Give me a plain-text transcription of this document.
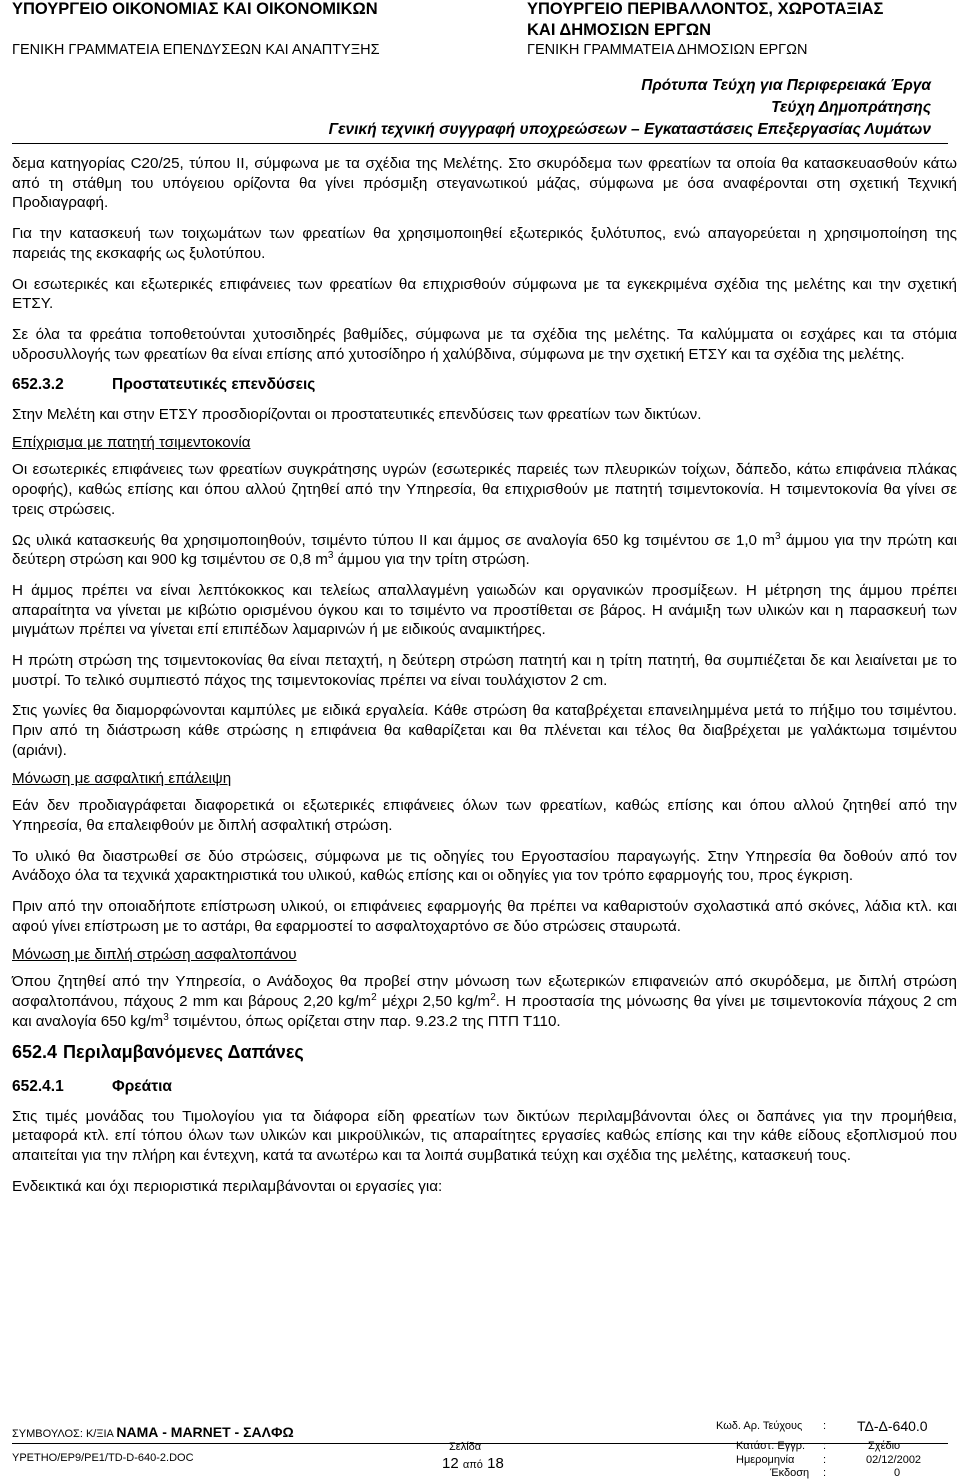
ΥΠΟΥΡΓΕΙΟ ΟΙΚΟΝΟΜΙΑΣ ΚΑΙ ΟΙΚΟΝΟΜΙΚΩΝ
ΓΕΝΙΚΗ ΓΡΑΜΜΑΤΕΙΑ ΕΠΕΝΔΥΣΕΩΝ ΚΑΙ ΑΝΑΠΤΥΞΗΣ
ΥΠΟΥΡΓΕΙΟ ΠΕΡΙΒΑΛΛΟΝΤΟΣ, ΧΩΡΟΤΑΞΙΑΣ
ΚΑΙ ΔΗΜΟΣΙΩΝ ΕΡΓΩΝ
ΓΕΝΙΚΗ ΓΡΑΜΜΑΤΕΙΑ ΔΗΜΟΣΙΩΝ ΕΡΓΩΝ
Πρότυπα Τεύχη για Περιφερειακά Έργα
Τεύχη Δημοπράτησης
Γενική τεχνική συγγραφή υποχρεώσεων – Εγκαταστάσεις Επεξεργασίας Λυμάτων

δεμα κατηγορίας C20/25, τύπου ΙΙ, σύμφωνα με τα σχέδια της Μελέτης. Στο σκυρόδεμα των φρεατίων τα οποία θα κατασκευασθούν κάτω από τη στάθμη του υπόγειου ορίζοντα θα γίνει πρόσμιξη στεγανωτικού μάζας, σύμφωνα με όσα αναφέρονται στη σχετική Τεχνική Προδιαγραφή.

Για την κατασκευή των τοιχωμάτων των φρεατίων θα χρησιμοποιηθεί εξωτερικός ξυλότυπος, ενώ απαγορεύεται η χρησιμοποίηση της παρειάς της εκσκαφής ως ξυλοτύπου.

Οι εσωτερικές και εξωτερικές επιφάνειες των φρεατίων θα επιχρισθούν σύμφωνα με τα εγκεκριμένα σχέδια της μελέτης και την σχετική ΕΤΣΥ.

Σε όλα τα φρεάτια τοποθετούνται χυτοσιδηρές βαθμίδες, σύμφωνα με τα σχέδια της μελέτης. Τα καλύμματα οι εσχάρες και τα στόμια υδροσυλλογής των φρεατίων θα είναι επίσης από χυτοσίδηρο ή χαλύβδινα, σύμφωνα με την σχετική ΕΤΣΥ και τα σχέδια της μελέτης.

652.3.2	Προστατευτικές επενδύσεις

Στην Μελέτη και στην ΕΤΣΥ προσδιορίζονται οι προστατευτικές επενδύσεις των φρεατίων των δικτύων.

Επίχρισμα με πατητή τσιμεντοκονία

Οι εσωτερικές επιφάνειες των φρεατίων συγκράτησης υγρών (εσωτερικές παρειές των πλευρικών τοίχων, δάπεδο, κάτω επιφάνεια πλάκας οροφής), καθώς επίσης και όπου αλλού ζητηθεί από την Υπηρεσία, θα επιχρισθούν με πατητή τσιμεντοκονία. Η τσιμεντοκονία θα γίνει σε τρεις στρώσεις.

Ως υλικά κατασκευής θα χρησιμοποιηθούν, τσιμέντο τύπου ΙΙ και άμμος σε αναλογία 650 kg τσιμέντου σε 1,0 $m^3$ άμμου για την πρώτη και δεύτερη στρώση και 900 kg τσιμέντου σε 0,8 $m^3$ άμμου για την τρίτη στρώση.

Η άμμος πρέπει να είναι λεπτόκοκκος και τελείως απαλλαγμένη γαιωδών και οργανικών προσμίξεων. Η μέτρηση της άμμου πρέπει απαραίτητα να γίνεται με κιβώτιο ορισμένου όγκου και το τσιμέντο να προστίθεται σε βάρος. Η ανάμιξη των υλικών και η παρασκευή των μιγμάτων πρέπει να γίνεται επί επιπέδων λαμαρινών ή με ειδικούς αναμικτήρες.

Η πρώτη στρώση της τσιμεντοκονίας θα είναι πεταχτή, η δεύτερη στρώση πατητή και η τρίτη πατητή, θα συμπιέζεται δε και λειαίνεται με το μυστρί. Το τελικό συμπιεστό πάχος της τσιμεντοκονίας πρέπει να είναι τουλάχιστον 2 cm.

Στις γωνίες θα διαμορφώνονται καμπύλες με ειδικά εργαλεία. Κάθε στρώση θα καταβρέχεται επανειλημμένα μετά το πήξιμο του τσιμέντου. Πριν από τη διάστρωση κάθε στρώσης η επιφάνεια θα καθαρίζεται και θα πλένεται και τέλος θα διαβρέχεται με γαλάκτωμα τσιμέντου (αριάνι).

Μόνωση με ασφαλτική επάλειψη

Εάν δεν προδιαγράφεται διαφορετικά οι εξωτερικές επιφάνειες όλων των φρεατίων, καθώς επίσης και όπου αλλού ζητηθεί από την Υπηρεσία, θα επαλειφθούν με διπλή ασφαλτική στρώση.

Το υλικό θα διαστρωθεί σε δύο στρώσεις, σύμφωνα με τις οδηγίες του Εργοστασίου παραγωγής. Στην Υπηρεσία θα δοθούν από τον Ανάδοχο όλα τα τεχνικά χαρακτηριστικά του υλικού, καθώς επίσης και οι οδηγίες για τον τρόπο εφαρμογής του, προς έγκριση.

Πριν από την οποιαδήποτε επίστρωση υλικού, οι επιφάνειες εφαρμογής θα πρέπει να καθαριστούν σχολαστικά από σκόνες, λάδια κτλ. και αφού γίνει επίστρωση με το αστάρι, θα εφαρμοστεί το ασφαλτοχαρτόνο σε δύο στρώσεις σταυρωτά.

Μόνωση με διπλή στρώση ασφαλτοπάνου

Όπου ζητηθεί από την Υπηρεσία, ο Ανάδοχος θα προβεί στην μόνωση των εξωτερικών επιφανειών από σκυρόδεμα, με διπλή στρώση ασφαλτοπάνου, πάχους 2 mm και βάρους 2,20 $kg/m^2$ μέχρι 2,50 $kg/m^2$. Η προστασία της μόνωσης θα γίνει με τσιμεντοκονία πάχους 2 cm και αναλογία 650 $kg/m^3$ τσιμέντου, όπως ορίζεται στην παρ. 9.23.2 της ΠΤΠ Τ110.

652.4 Περιλαμβανόμενες Δαπάνες
652.4.1	Φρεάτια

Στις τιμές μονάδας του Τιμολογίου για τα διάφορα είδη φρεατίων των δικτύων περιλαμβάνονται όλες οι δαπάνες για την προμήθεια, μεταφορά κτλ. επί τόπου όλων των υλικών και μικροϋλικών, τις απαραίτητες εργασίες καθώς επίσης και την κάθε είδους εξοπλισμού που απαιτείται για την πλήρη και έντεχνη, κατά τα ανωτέρω και τα λοιπά συμβατικά τεύχη και σχέδια της μελέτης, κατασκευή τους.

Ενδεικτικά και όχι περιοριστικά περιλαμβάνονται οι εργασίες για:

ΣΥΜΒΟΥΛΟΣ: Κ/ΞΙΑ ΝΑΜΑ - MARNET - ΣΑΛΦΩ
ΥΡΕΤΗΟ/ΕΡ9/ΡΕ1/TD-D-640-2.DOC
Σελίδα
12 από 18
Κωδ. Αρ. Τεύχους : ΤΔ-Δ-640.0
Κατάστ. Εγγρ. :	Σχέδιο
Ημερομηνία	:	02/12/2002
Έκδοση :	0
